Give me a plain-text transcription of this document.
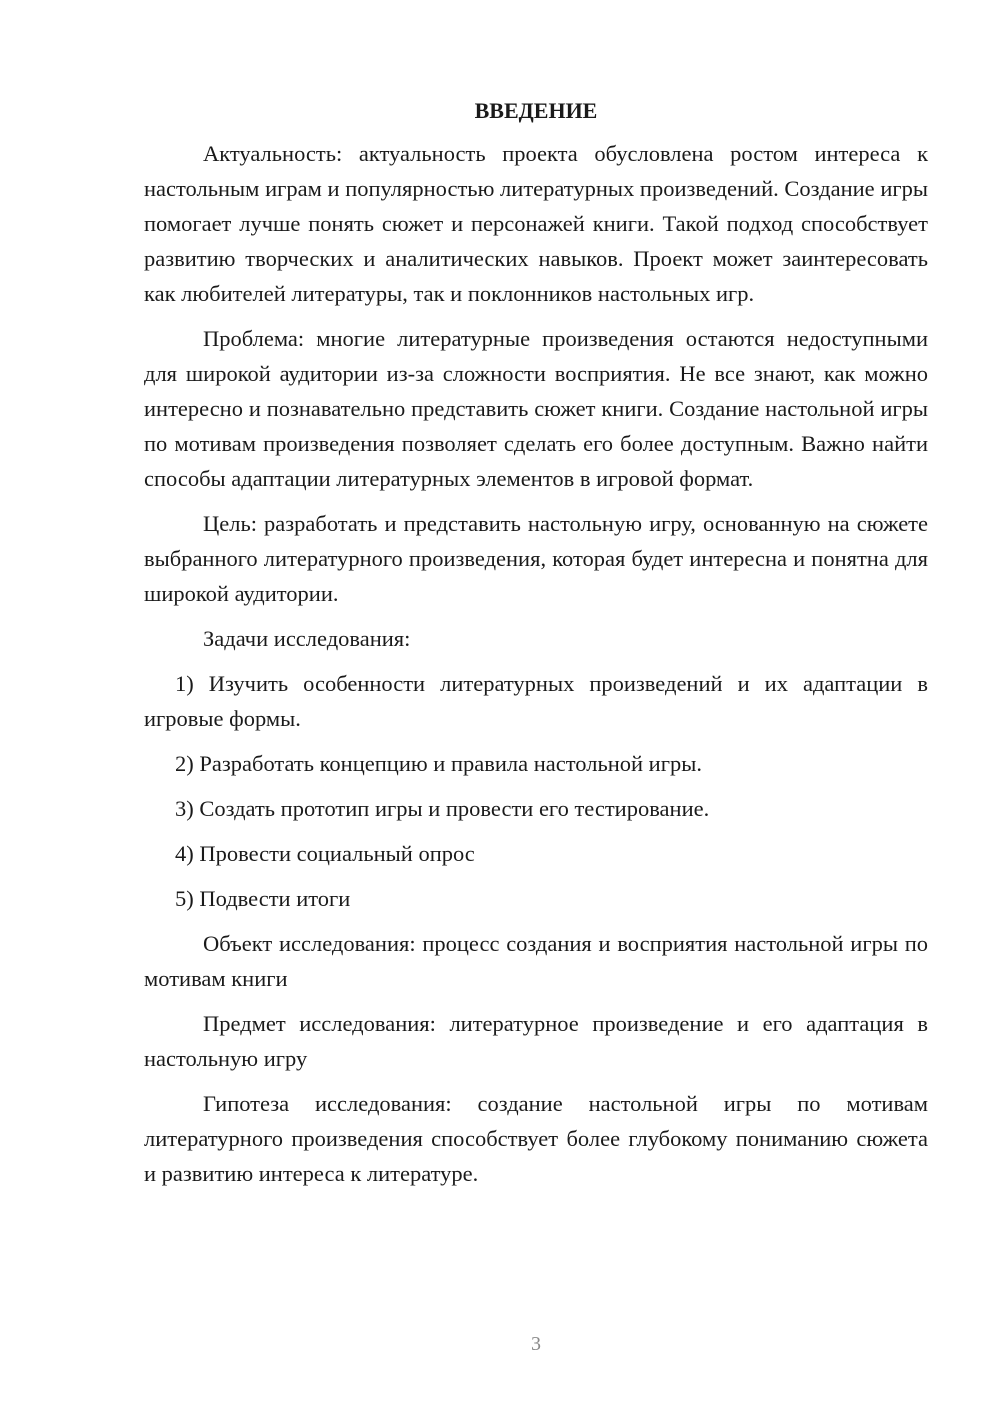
ВВЕДЕНИЕ

Актуальность: актуальность проекта обусловлена ростом интереса к настольным играм и популярностью литературных произведений. Создание игры помогает лучше понять сюжет и персонажей книги. Такой подход способствует развитию творческих и аналитических навыков. Проект может заинтересовать как любителей литературы, так и поклонников настольных игр.

Проблема: многие литературные произведения остаются недоступными для широкой аудитории из-за сложности восприятия. Не все знают, как можно интересно и познавательно представить сюжет книги. Создание настольной игры по мотивам произведения позволяет сделать его более доступным. Важно найти способы адаптации литературных элементов в игровой формат.

Цель: разработать и представить настольную игру, основанную на сюжете выбранного литературного произведения, которая будет интересна и понятна для широкой аудитории.

Задачи исследования:

1) Изучить особенности литературных произведений и их адаптации в игровые формы.

2) Разработать концепцию и правила настольной игры.

3) Создать прототип игры и провести его тестирование.

4) Провести социальный опрос

5) Подвести итоги

Объект исследования: процесс создания и восприятия настольной игры по мотивам книги

Предмет исследования: литературное произведение и его адаптация в настольную игру

Гипотеза исследования: создание настольной игры по мотивам литературного произведения способствует более глубокому пониманию сюжета и развитию интереса к литературе.

3
